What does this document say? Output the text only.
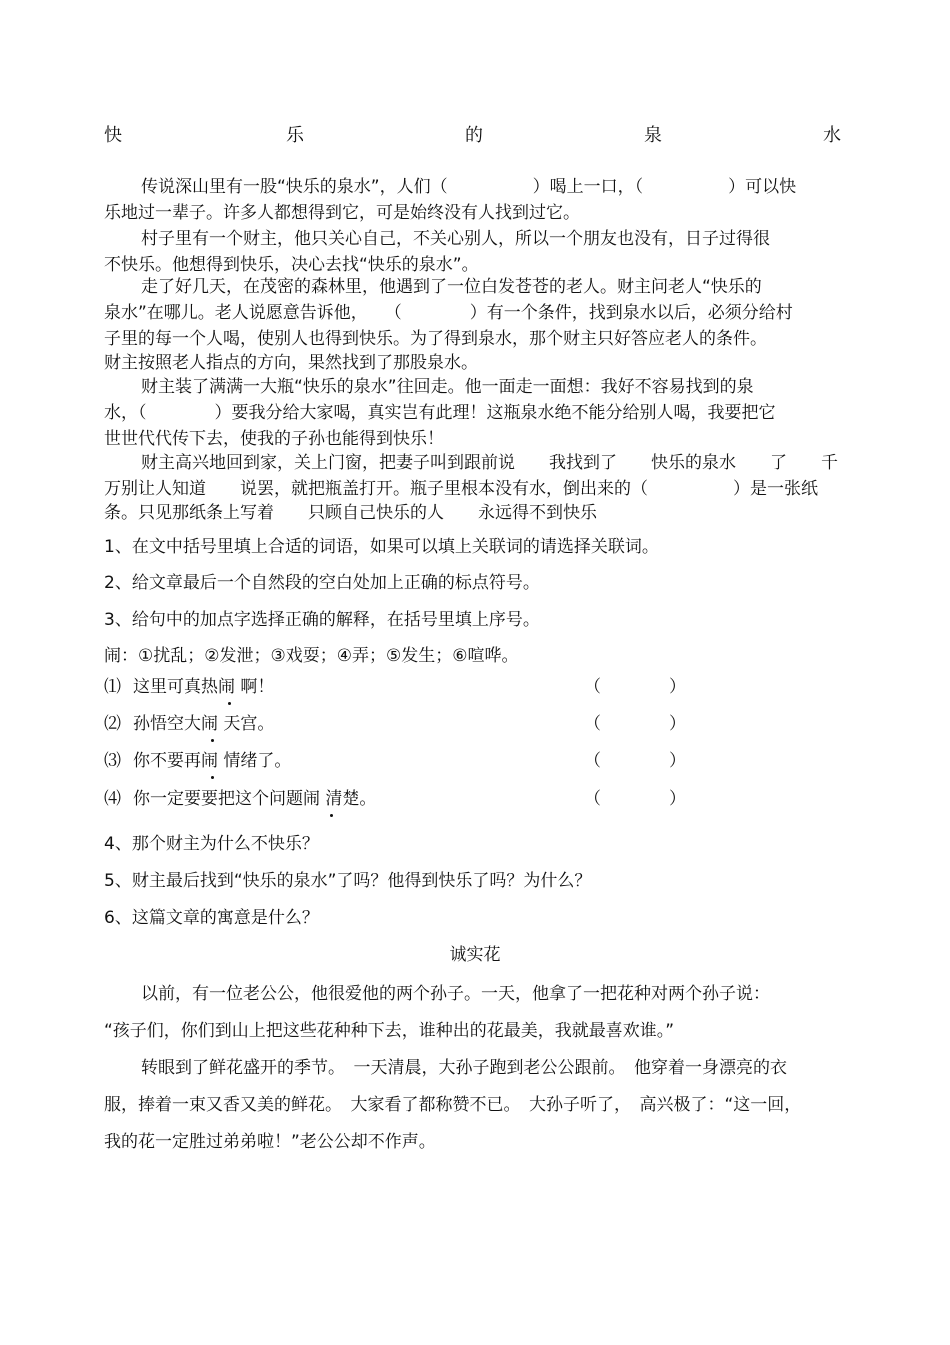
快	乐	的	泉	水
传说深山里有一股“快乐的泉水”，人们（　　　　　）喝上一口，（　　　　　）可以快
乐地过一辈子。许多人都想得到它，可是始终没有人找到过它。
村子里有一个财主，他只关心自己，不关心别人，所以一个朋友也没有，日子过得很
不快乐。他想得到快乐，决心去找“快乐的泉水”。
走了好几天，在茂密的森林里，他遇到了一位白发苍苍的老人。财主问老人“快乐的
泉水”在哪儿。老人说愿意告诉他，　　（　　　　）有一个条件，找到泉水以后，必须分给村
子里的每一个人喝，使别人也得到快乐。为了得到泉水，那个财主只好答应老人的条件。
财主按照老人指点的方向，果然找到了那股泉水。
财主装了满满一大瓶“快乐的泉水”往回走。他一面走一面想：我好不容易找到的泉
水，（　　　　）要我分给大家喝，真实岂有此理！这瓶泉水绝不能分给别人喝，我要把它
世世代代传下去，使我的子孙也能得到快乐！
财主高兴地回到家，关上门窗，把妻子叫到跟前说　　我找到了　　快乐的泉水　　了　　千
万别让人知道　　说罢，就把瓶盖打开。瓶子里根本没有水，倒出来的（　　　　　）是一张纸
条。只见那纸条上写着　　只顾自己快乐的人　　永远得不到快乐
1、在文中括号里填上合适的词语，如果可以填上关联词的请选择关联词。
2、给文章最后一个自然段的空白处加上正确的标点符号。
3、给句中的加点字选择正确的解释，在括号里填上序号。
闹：①扰乱；②发泄；③戏耍；④弄；⑤发生；⑥喧哗。
⑴ 这里可真热闹 啊！	（　　　　）
⑵ 孙悟空大闹 天宫。	（　　　　）
⑶ 你不要再闹 情绪了。	（　　　　）
⑷ 你一定要要把这个问题闹 清楚。	（　　　　）
4、那个财主为什么不快乐？
5、财主最后找到“快乐的泉水”了吗？他得到快乐了吗？为什么？
6、这篇文章的寓意是什么？
诚实花
以前，有一位老公公，他很爱他的两个孙子。一天，他拿了一把花种对两个孙子说：
“孩子们，你们到山上把这些花种种下去，谁种出的花最美，我就最喜欢谁。”
转眼到了鲜花盛开的季节。　一天清晨，大孙子跑到老公公跟前。　他穿着一身漂亮的衣
服，捧着一束又香又美的鲜花。　大家看了都称赞不已。　大孙子听了，　高兴极了：“这一回，
我的花一定胜过弟弟啦！”老公公却不作声。
